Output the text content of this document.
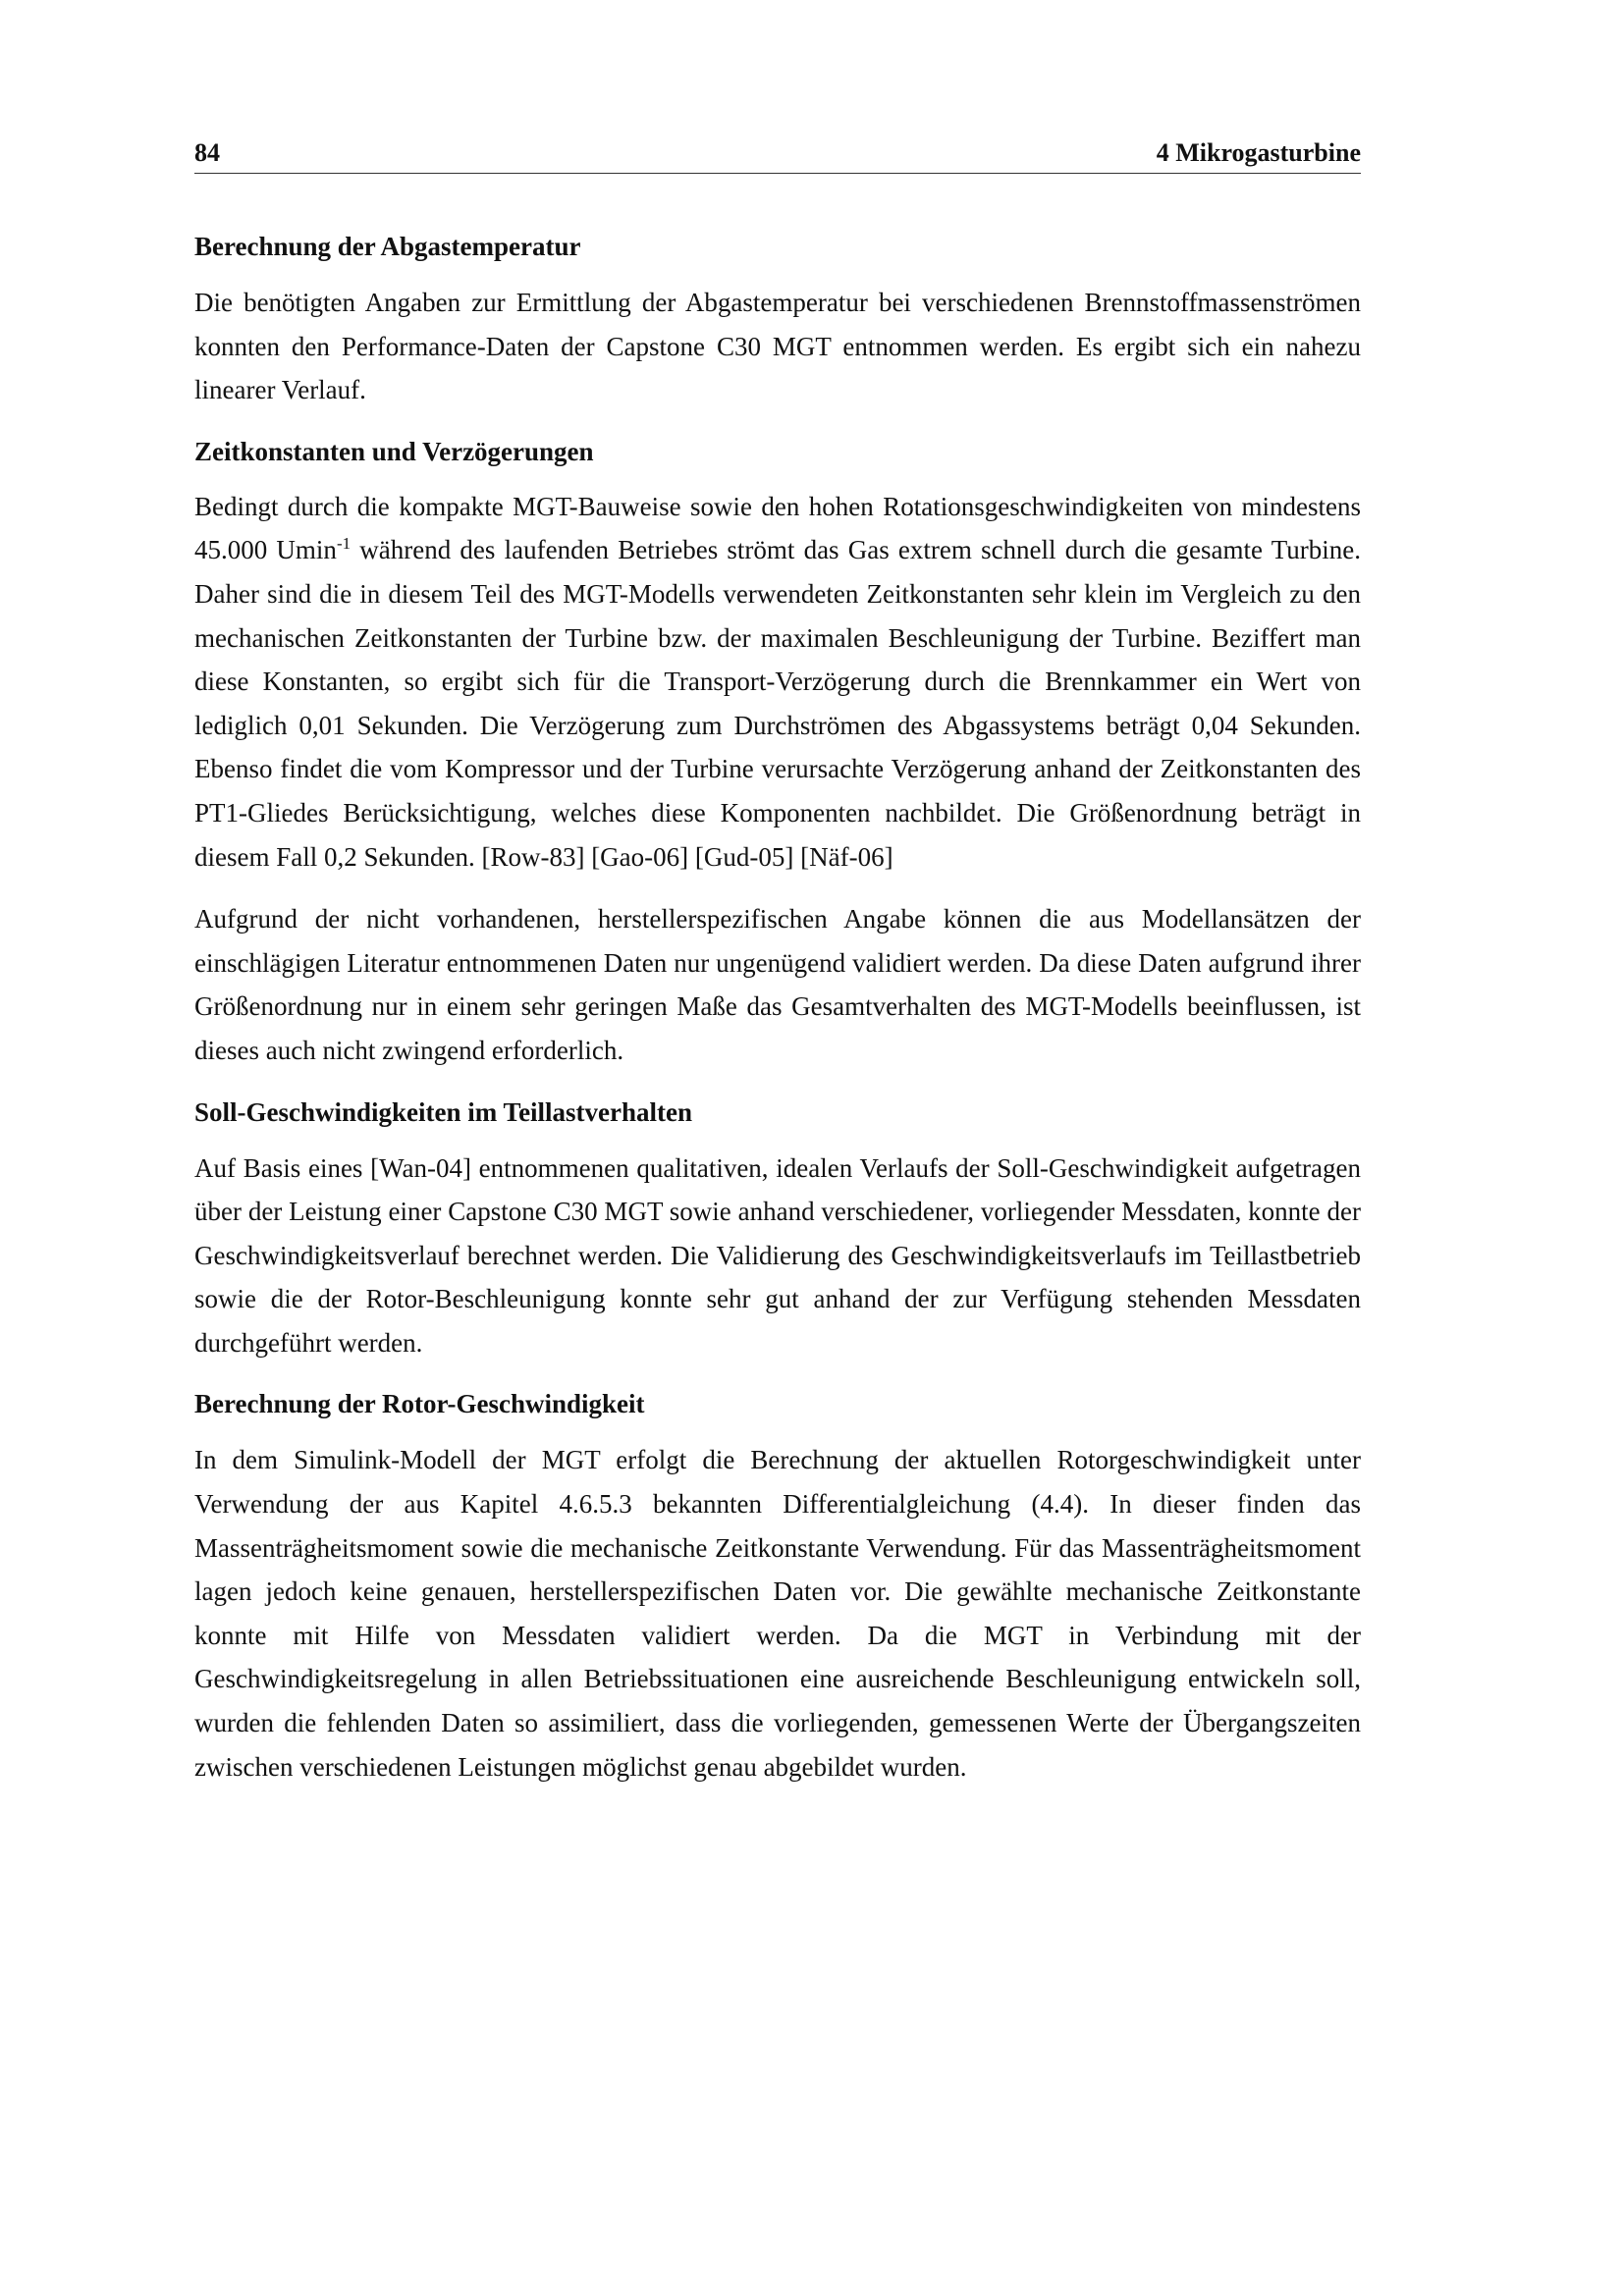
84	4 Mikrogasturbine
Berechnung der Abgastemperatur

Die benötigten Angaben zur Ermittlung der Abgastemperatur bei verschiedenen Brennstoffmassenströmen konnten den Performance-Daten der Capstone C30 MGT entnommen werden. Es ergibt sich ein nahezu linearer Verlauf.

Zeitkonstanten und Verzögerungen

Bedingt durch die kompakte MGT-Bauweise sowie den hohen Rotationsgeschwindigkeiten von mindestens 45.000 Umin$^{-1}$ während des laufenden Betriebes strömt das Gas extrem schnell durch die gesamte Turbine. Daher sind die in diesem Teil des MGT-Modells verwendeten Zeitkonstanten sehr klein im Vergleich zu den mechanischen Zeitkonstanten der Turbine bzw. der maximalen Beschleunigung der Turbine. Beziffert man diese Konstanten, so ergibt sich für die Transport-Verzögerung durch die Brennkammer ein Wert von lediglich 0,01 Sekunden. Die Verzögerung zum Durchströmen des Abgassystems beträgt 0,04 Sekunden. Ebenso findet die vom Kompressor und der Turbine verursachte Verzögerung anhand der Zeitkonstanten des PT1-Gliedes Berücksichtigung, welches diese Komponenten nachbildet. Die Größenordnung beträgt in diesem Fall 0,2 Sekunden. [Row-83] [Gao-06] [Gud-05] [Näf-06]

Aufgrund der nicht vorhandenen, herstellerspezifischen Angabe können die aus Modellansätzen der einschlägigen Literatur entnommenen Daten nur ungenügend validiert werden. Da diese Daten aufgrund ihrer Größenordnung nur in einem sehr geringen Maße das Gesamtverhalten des MGT-Modells beeinflussen, ist dieses auch nicht zwingend erforderlich.

Soll-Geschwindigkeiten im Teillastverhalten

Auf Basis eines [Wan-04] entnommenen qualitativen, idealen Verlaufs der Soll-Geschwindigkeit aufgetragen über der Leistung einer Capstone C30 MGT sowie anhand verschiedener, vorliegender Messdaten, konnte der Geschwindigkeitsverlauf berechnet werden. Die Validierung des Geschwindigkeitsverlaufs im Teillastbetrieb sowie die der Rotor-Beschleunigung konnte sehr gut anhand der zur Verfügung stehenden Messdaten durchgeführt werden.

Berechnung der Rotor-Geschwindigkeit

In dem Simulink-Modell der MGT erfolgt die Berechnung der aktuellen Rotorgeschwindigkeit unter Verwendung der aus Kapitel 4.6.5.3 bekannten Differentialgleichung (4.4). In dieser finden das Massenträgheitsmoment sowie die mechanische Zeitkonstante Verwendung. Für das Massenträgheitsmoment lagen jedoch keine genauen, herstellerspezifischen Daten vor. Die gewählte mechanische Zeitkonstante konnte mit Hilfe von Messdaten validiert werden. Da die MGT in Verbindung mit der Geschwindigkeitsregelung in allen Betriebssituationen eine ausreichende Beschleunigung entwickeln soll, wurden die fehlenden Daten so assimiliert, dass die vorliegenden, gemessenen Werte der Übergangszeiten zwischen verschiedenen Leistungen möglichst genau abgebildet wurden.
